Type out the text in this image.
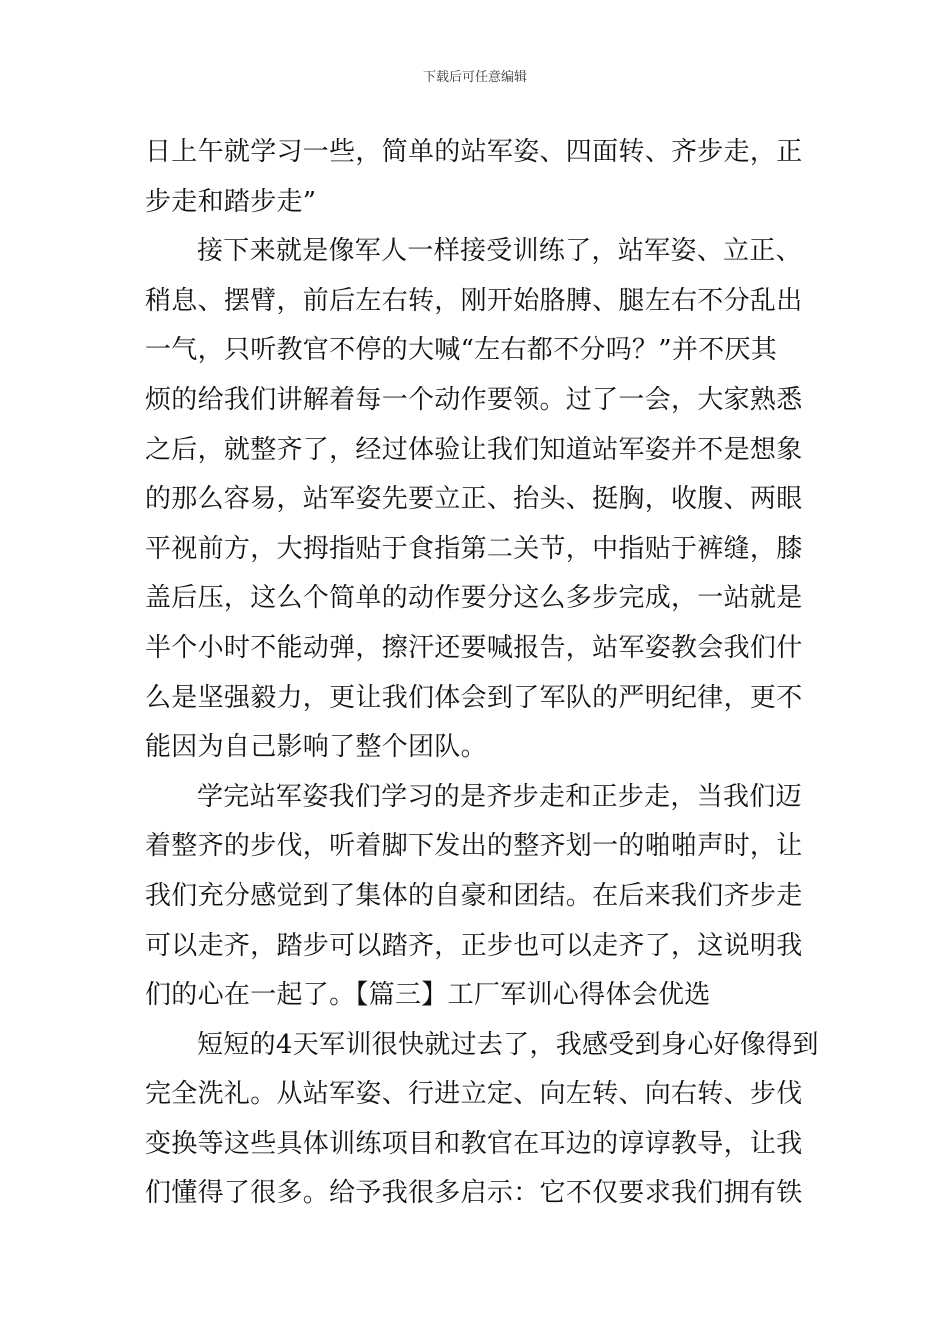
下载后可任意编辑
日上午就学习一些，简单的站军姿、四面转、齐步走，正
步走和踏步走”
接下来就是像军人一样接受训练了，站军姿、立正、
稍息、摆臂，前后左右转，刚开始胳膊、腿左右不分乱出
一气，只听教官不停的大喊“左右都不分吗？”并不厌其
烦的给我们讲解着每一个动作要领。过了一会，大家熟悉
之后，就整齐了，经过体验让我们知道站军姿并不是想象
的那么容易，站军姿先要立正、抬头、挺胸，收腹、两眼
平视前方，大拇指贴于食指第二关节，中指贴于裤缝，膝
盖后压，这么个简单的动作要分这么多步完成，一站就是
半个小时不能动弹，擦汗还要喊报告，站军姿教会我们什
么是坚强毅力，更让我们体会到了军队的严明纪律，更不
能因为自己影响了整个团队。
学完站军姿我们学习的是齐步走和正步走，当我们迈
着整齐的步伐，听着脚下发出的整齐划一的啪啪声时，让
我们充分感觉到了集体的自豪和团结。在后来我们齐步走
可以走齐，踏步可以踏齐，正步也可以走齐了，这说明我
们的心在一起了。【篇三】工厂军训心得体会优选
短短的4天军训很快就过去了，我感受到身心好像得到
完全洗礼。从站军姿、行进立定、向左转、向右转、步伐
变换等这些具体训练项目和教官在耳边的谆谆教导，让我
们懂得了很多。给予我很多启示：它不仅要求我们拥有铁
